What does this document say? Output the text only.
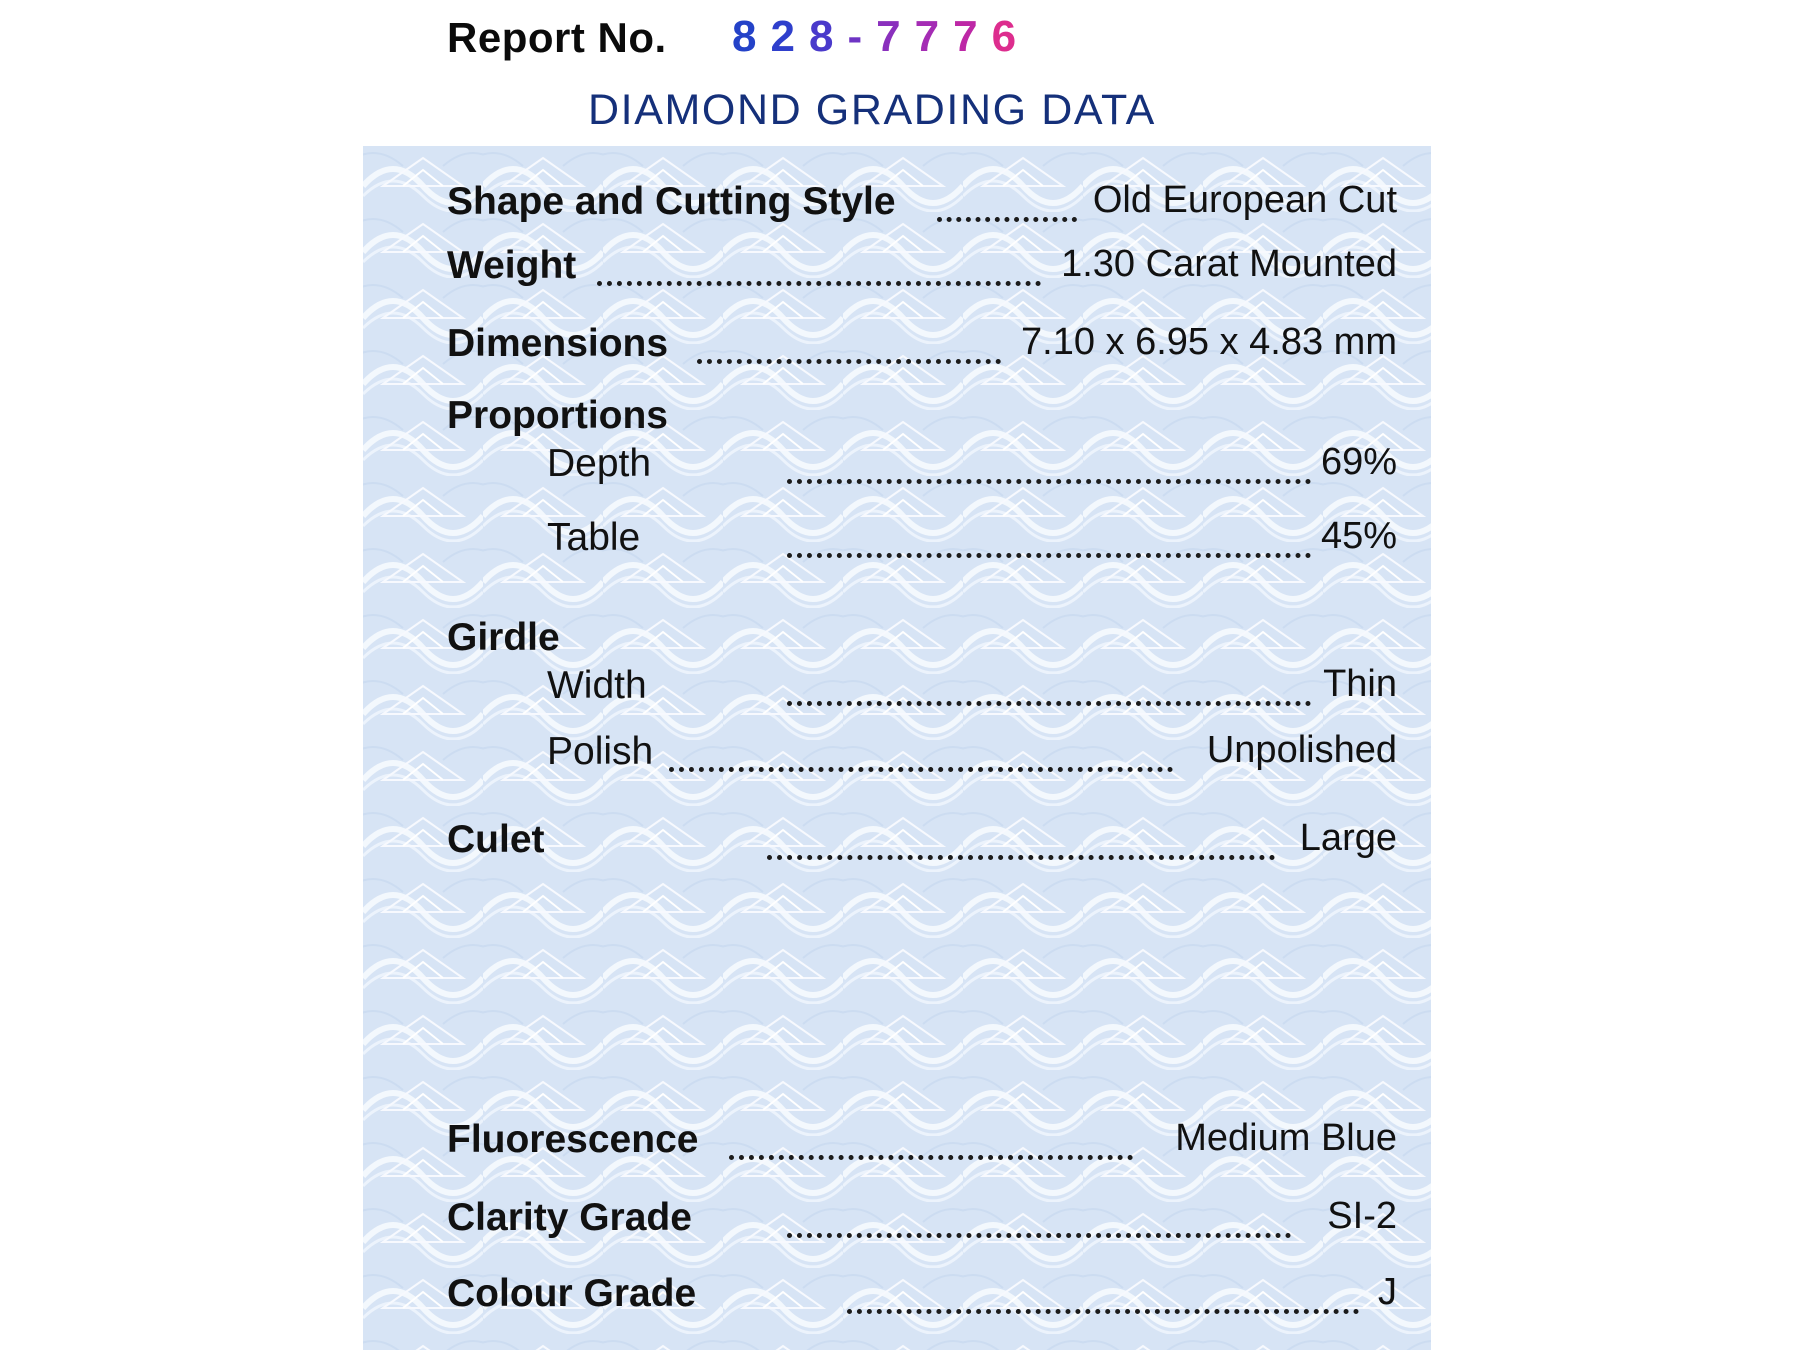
Report No. 828-7776
DIAMOND GRADING DATA
Shape and Cutting Style	Old European Cut
Weight	1.30 Carat Mounted
Dimensions	7.10 x 6.95 x 4.83 mm
Proportions
Depth	69%
Table	45%
Girdle
Width	Thin
Polish	Unpolished
Culet	Large
Fluorescence	Medium Blue
Clarity Grade	SI-2
Colour Grade	J
